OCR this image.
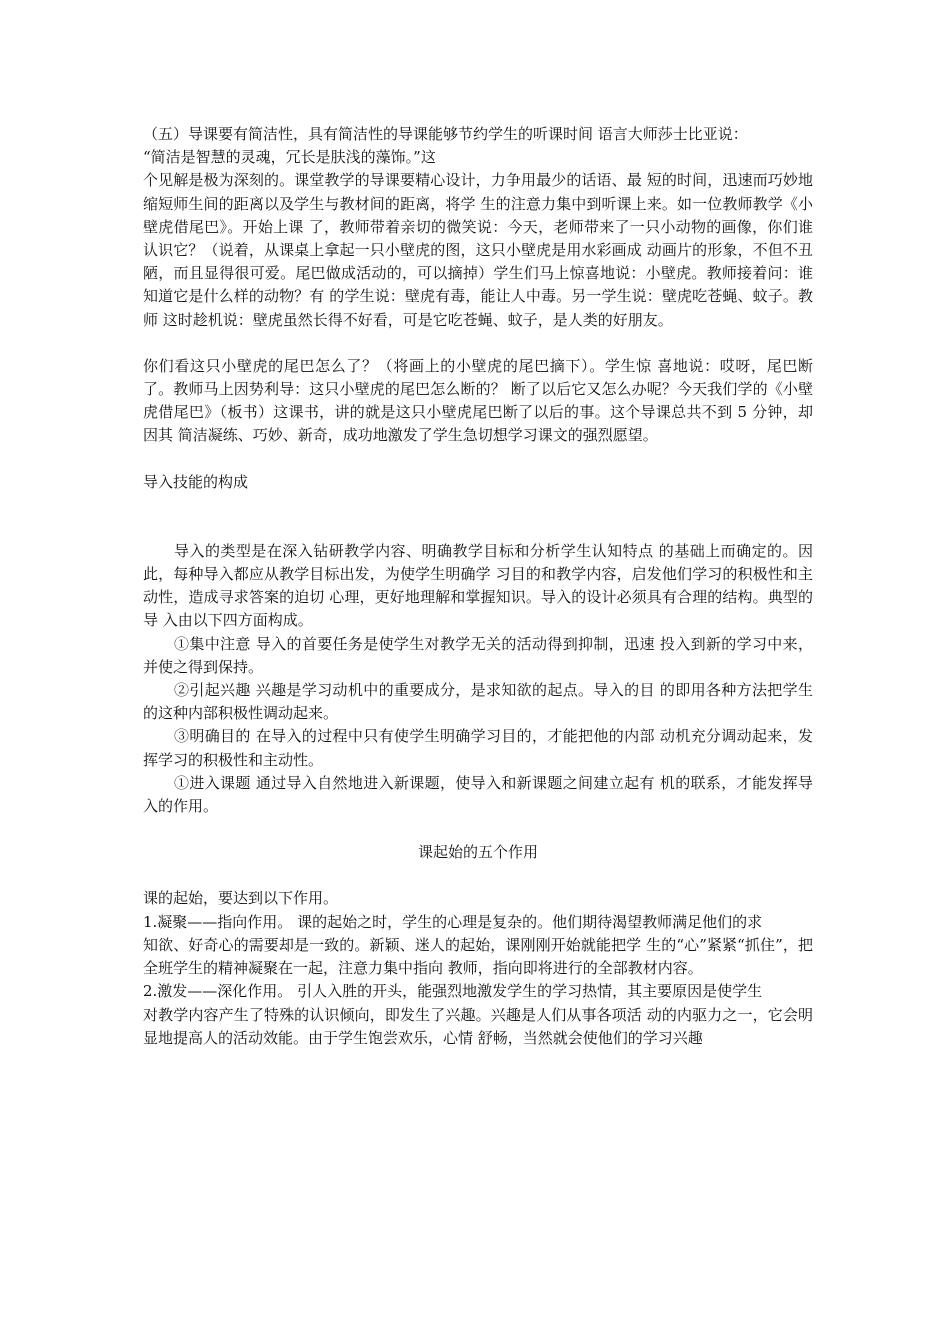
（五）导课要有简洁性，具有简洁性的导课能够节约学生的听课时间 语言大师莎士比亚说：

“简洁是智慧的灵魂，冗长是肤浅的藻饰。”这

个见解是极为深刻的。课堂教学的导课要精心设计，力争用最少的话语、最 短的时间，迅速而巧妙地缩短师生间的距离以及学生与教材间的距离，将学 生的注意力集中到听课上来。如一位教师教学《小壁虎借尾巴》。开始上课 了，教师带着亲切的微笑说：今天，老师带来了一只小动物的画像，你们谁 认识它？（说着，从课桌上拿起一只小壁虎的图，这只小壁虎是用水彩画成 动画片的形象，不但不丑陋，而且显得很可爱。尾巴做成活动的，可以摘掉）学生们马上惊喜地说：小壁虎。教师接着问：谁知道它是什么样的动物？有 的学生说：壁虎有毒，能让人中毒。另一学生说：壁虎吃苍蝇、蚊子。教师 这时趁机说：壁虎虽然长得不好看，可是它吃苍蝇、蚊子，是人类的好朋友。

你们看这只小壁虎的尾巴怎么了？（将画上的小壁虎的尾巴摘下）。学生惊 喜地说：哎呀，尾巴断了。教师马上因势利导：这只小壁虎的尾巴怎么断的？ 断了以后它又怎么办呢？今天我们学的《小壁虎借尾巴》（板书）这课书，讲的就是这只小壁虎尾巴断了以后的事。这个导课总共不到 5 分钟，却因其 简洁凝练、巧妙、新奇，成功地激发了学生急切想学习课文的强烈愿望。

导入技能的构成

导入的类型是在深入钻研教学内容、明确教学目标和分析学生认知特点 的基础上而确定的。因此，每种导入都应从教学目标出发，为使学生明确学 习目的和教学内容，启发他们学习的积极性和主动性，造成寻求答案的迫切 心理，更好地理解和掌握知识。导入的设计必须具有合理的结构。典型的导 入由以下四方面构成。

①集中注意 导入的首要任务是使学生对教学无关的活动得到抑制，迅速 投入到新的学习中来，并使之得到保持。

②引起兴趣 兴趣是学习动机中的重要成分，是求知欲的起点。导入的目 的即用各种方法把学生的这种内部积极性调动起来。

③明确目的 在导入的过程中只有使学生明确学习目的，才能把他的内部 动机充分调动起来，发挥学习的积极性和主动性。

①进入课题 通过导入自然地进入新课题，使导入和新课题之间建立起有 机的联系，才能发挥导入的作用。

课起始的五个作用

课的起始，要达到以下作用。

1.凝聚——指向作用。 课的起始之时，学生的心理是复杂的。他们期待渴望教师满足他们的求

知欲、好奇心的需要却是一致的。新颖、迷人的起始，课刚刚开始就能把学 生的“心”紧紧“抓住”，把全班学生的精神凝聚在一起，注意力集中指向 教师，指向即将进行的全部教材内容。

2.激发——深化作用。 引人入胜的开头，能强烈地激发学生的学习热情，其主要原因是使学生

对教学内容产生了特殊的认识倾向，即发生了兴趣。兴趣是人们从事各项活 动的内驱力之一，它会明显地提高人的活动效能。由于学生饱尝欢乐，心情 舒畅，当然就会使他们的学习兴趣
